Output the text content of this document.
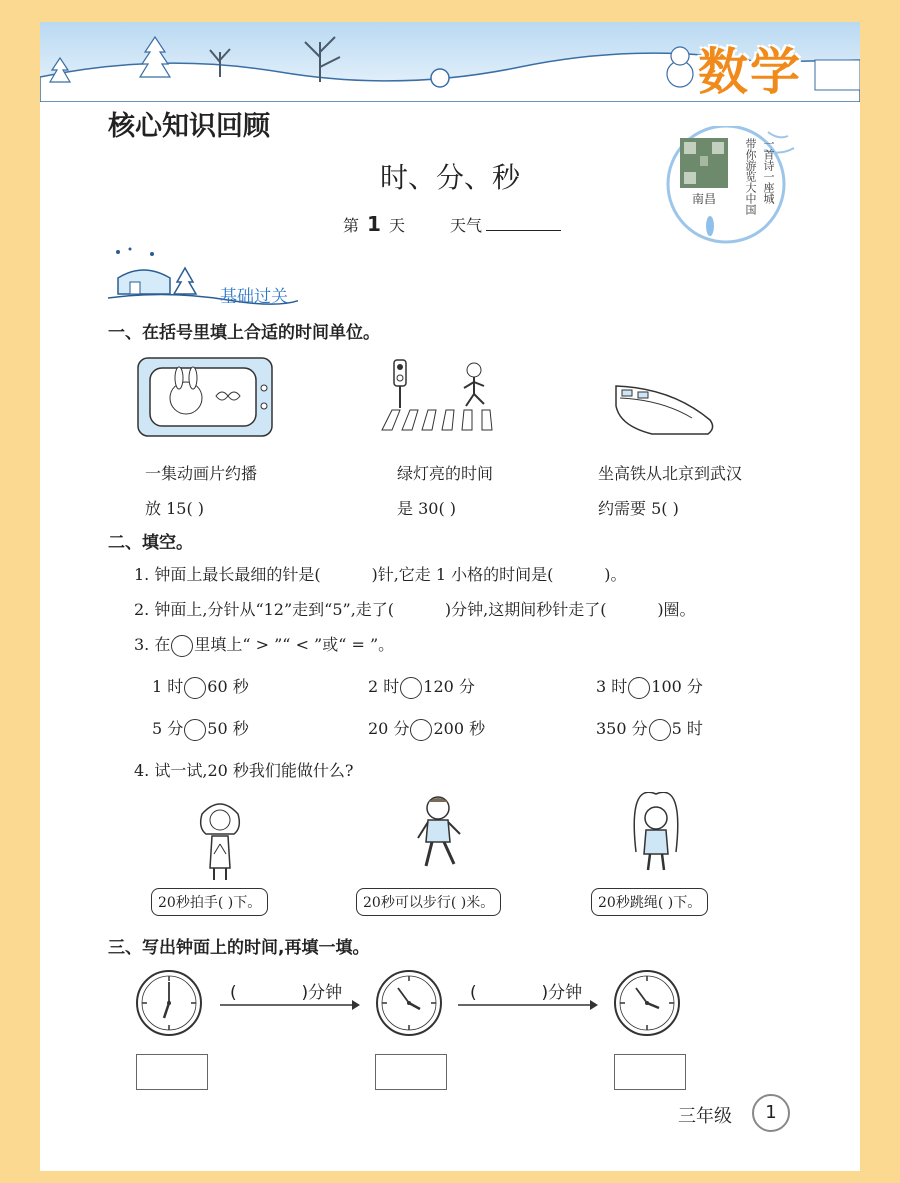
数学
核心知识回顾
时、分、秒
第 1 天	天气
一首诗一座城
带你游览大中国
南昌
基础过关
一、在括号里填上合适的时间单位。
一集动画片约播
放 15( )
绿灯亮的时间
是 30( )
坐高铁从北京到武汉
约需要 5( )
二、填空。
1. 钟面上最长最细的针是(          )针,它走 1 小格的时间是(          )。
2. 钟面上,分针从“12”走到“5”,走了(          )分钟,这期间秒针走了(          )圈。
3. 在 里填上“ > ”“ < ”或“ = ”。
1 时 60 秒	2 时 120 分	3 时 100 分
5 分 50 秒	20 分 200 秒	350 分 5 时
4. 试一试,20 秒我们能做什么?
20秒拍手( )下。	20秒可以步行( )米。	20秒跳绳( )下。
三、写出钟面上的时间,再填一填。
(            )分钟	(            )分钟
三年级	1
